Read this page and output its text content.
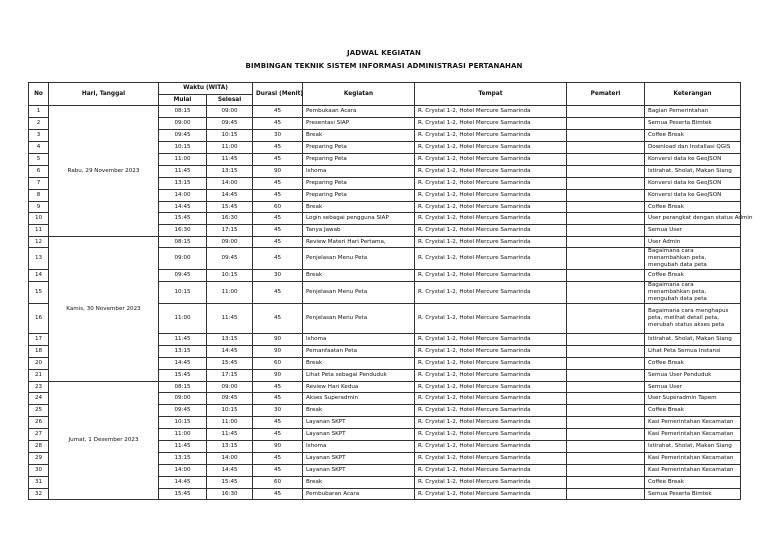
JADWAL KEGIATAN
BIMBINGAN TEKNIK SISTEM INFORMASI ADMINISTRASI PERTANAHAN
No	Hari, Tanggal	Waktu (WITA)		Durasi (Menit)	Kegiatan	Tempat	Pemateri	Keterangan
		Mulai	Selesai					
1	Rabu, 29 November 2023	08:15	09:00	45	Pembukaan Acara	R. Crystal 1-2, Hotel Mercure Samarinda		Bagian Pemerintahan
2		09:00	09:45	45	Presentasi SIAP	R. Crystal 1-2, Hotel Mercure Samarinda		Semua Peserta Bimtek
3		09:45	10:15	30	Break	R. Crystal 1-2, Hotel Mercure Samarinda		Coffee Break
4		10:15	11:00	45	Preparing Peta	R. Crystal 1-2, Hotel Mercure Samarinda		Download dan Installasi QGIS
5		11:00	11:45	45	Preparing Peta	R. Crystal 1-2, Hotel Mercure Samarinda		Konversi data ke GeoJSON
6		11:45	13:15	90	Ishoma	R. Crystal 1-2, Hotel Mercure Samarinda		Istirahat, Sholat, Makan Siang
7		13:15	14:00	45	Preparing Peta	R. Crystal 1-2, Hotel Mercure Samarinda		Konversi data ke GeoJSON
8		14:00	14:45	45	Preparing Peta	R. Crystal 1-2, Hotel Mercure Samarinda		Konversi data ke GeoJSON
9		14:45	15:45	60	Break	R. Crystal 1-2, Hotel Mercure Samarinda		Coffee Break
10		15:45	16:30	45	Login sebagai pengguna SIAP	R. Crystal 1-2, Hotel Mercure Samarinda		User perangkat dengan status Admin
11		16:30	17:15	45	Tanya Jawab	R. Crystal 1-2, Hotel Mercure Samarinda		Semua User
12	Kamis, 30 November 2023	08:15	09:00	45	Review Materi Hari Pertama,	R. Crystal 1-2, Hotel Mercure Samarinda		User Admin
13		09:00	09:45	45	Penjelasan Menu Peta	R. Crystal 1-2, Hotel Mercure Samarinda		Bagaimana cara menambahkan peta, mengubah data peta
14		09:45	10:15	30	Break	R. Crystal 1-2, Hotel Mercure Samarinda		Coffee Break
15		10:15	11:00	45	Penjelasan Menu Peta	R. Crystal 1-2, Hotel Mercure Samarinda		Bagaimana cara menambahkan peta, mengubah data peta
16		11:00	11:45	45	Penjelasan Menu Peta	R. Crystal 1-2, Hotel Mercure Samarinda		Bagaimana cara menghapus peta, melihat detail peta, merubah status akses peta
17		11:45	13:15	90	Ishoma	R. Crystal 1-2, Hotel Mercure Samarinda		Istirahat, Sholat, Makan Siang
18		13:15	14:45	90	Pemanfaatan Peta	R. Crystal 1-2, Hotel Mercure Samarinda		Lihat Peta Semua Instansi
20		14:45	15:45	60	Break	R. Crystal 1-2, Hotel Mercure Samarinda		Coffee Break
21		15:45	17:15	90	Lihat Peta sebagai Penduduk	R. Crystal 1-2, Hotel Mercure Samarinda		Semua User Penduduk
23	Jumat, 1 Desember 2023	08:15	09:00	45	Review Hari Kedua	R. Crystal 1-2, Hotel Mercure Samarinda		Semua User
24		09:00	09:45	45	Akses Superadmin	R. Crystal 1-2, Hotel Mercure Samarinda		User Superadmin Tapem
25		09:45	10:15	30	Break	R. Crystal 1-2, Hotel Mercure Samarinda		Coffee Break
26		10:15	11:00	45	Layanan SKPT	R. Crystal 1-2, Hotel Mercure Samarinda		Kasi Pemerintahan Kecamatan
27		11:00	11:45	45	Layanan SKPT	R. Crystal 1-2, Hotel Mercure Samarinda		Kasi Pemerintahan Kecamatan
28		11:45	13:15	90	Ishoma	R. Crystal 1-2, Hotel Mercure Samarinda		Istirahat, Sholat, Makan Siang
29		13:15	14:00	45	Layanan SKPT	R. Crystal 1-2, Hotel Mercure Samarinda		Kasi Pemerintahan Kecamatan
30		14:00	14:45	45	Layanan SKPT	R. Crystal 1-2, Hotel Mercure Samarinda		Kasi Pemerintahan Kecamatan
31		14:45	15:45	60	Break	R. Crystal 1-2, Hotel Mercure Samarinda		Coffee Break
32		15:45	16:30	45	Pembubaran Acara	R. Crystal 1-2, Hotel Mercure Samarinda		Semua Peserta Bimtek
